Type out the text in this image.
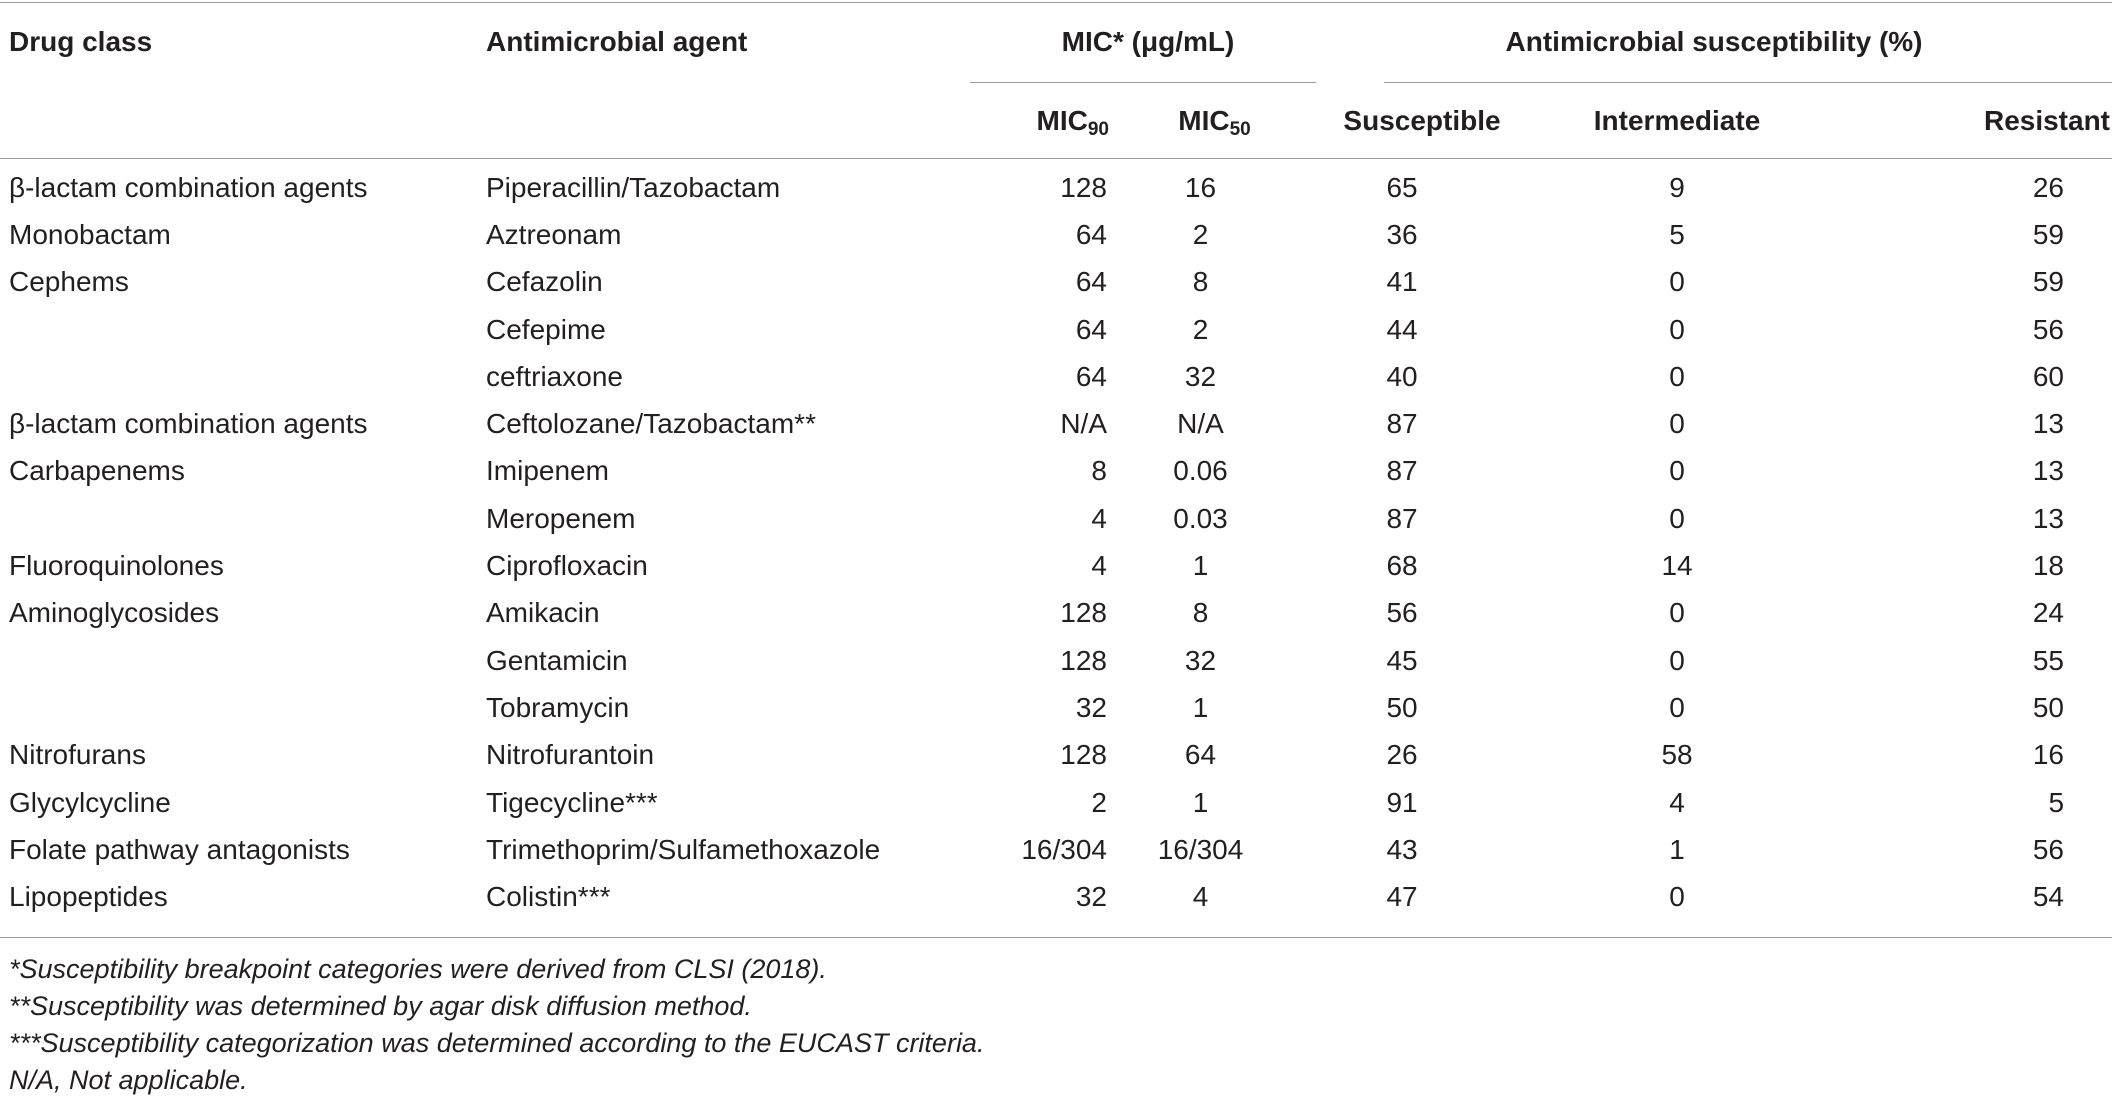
Drug class	Antimicrobial agent	MIC* (μg/mL)		Antimicrobial susceptibility (%)		
		$MIC_{90}$	$MIC_{50}$	Susceptible	Intermediate	Resistant
β-lactam combination agents	Piperacillin/Tazobactam	128	16	65	9	26
Monobactam	Aztreonam	64	2	36	5	59
Cephems	Cefazolin	64	8	41	0	59
	Cefepime	64	2	44	0	56
	ceftriaxone	64	32	40	0	60
β-lactam combination agents	Ceftolozane/Tazobactam**	N/A	N/A	87	0	13
Carbapenems	Imipenem	8	0.06	87	0	13
	Meropenem	4	0.03	87	0	13
Fluoroquinolones	Ciprofloxacin	4	1	68	14	18
Aminoglycosides	Amikacin	128	8	56	0	24
	Gentamicin	128	32	45	0	55
	Tobramycin	32	1	50	0	50
Nitrofurans	Nitrofurantoin	128	64	26	58	16
Glycylcycline	Tigecycline***	2	1	91	4	5
Folate pathway antagonists	Trimethoprim/Sulfamethoxazole	16/304	16/304	43	1	56
Lipopeptides	Colistin***	32	4	47	0	54
*Susceptibility breakpoint categories were derived from CLSI (2018).
**Susceptibility was determined by agar disk diffusion method.
***Susceptibility categorization was determined according to the EUCAST criteria.
N/A, Not applicable.
